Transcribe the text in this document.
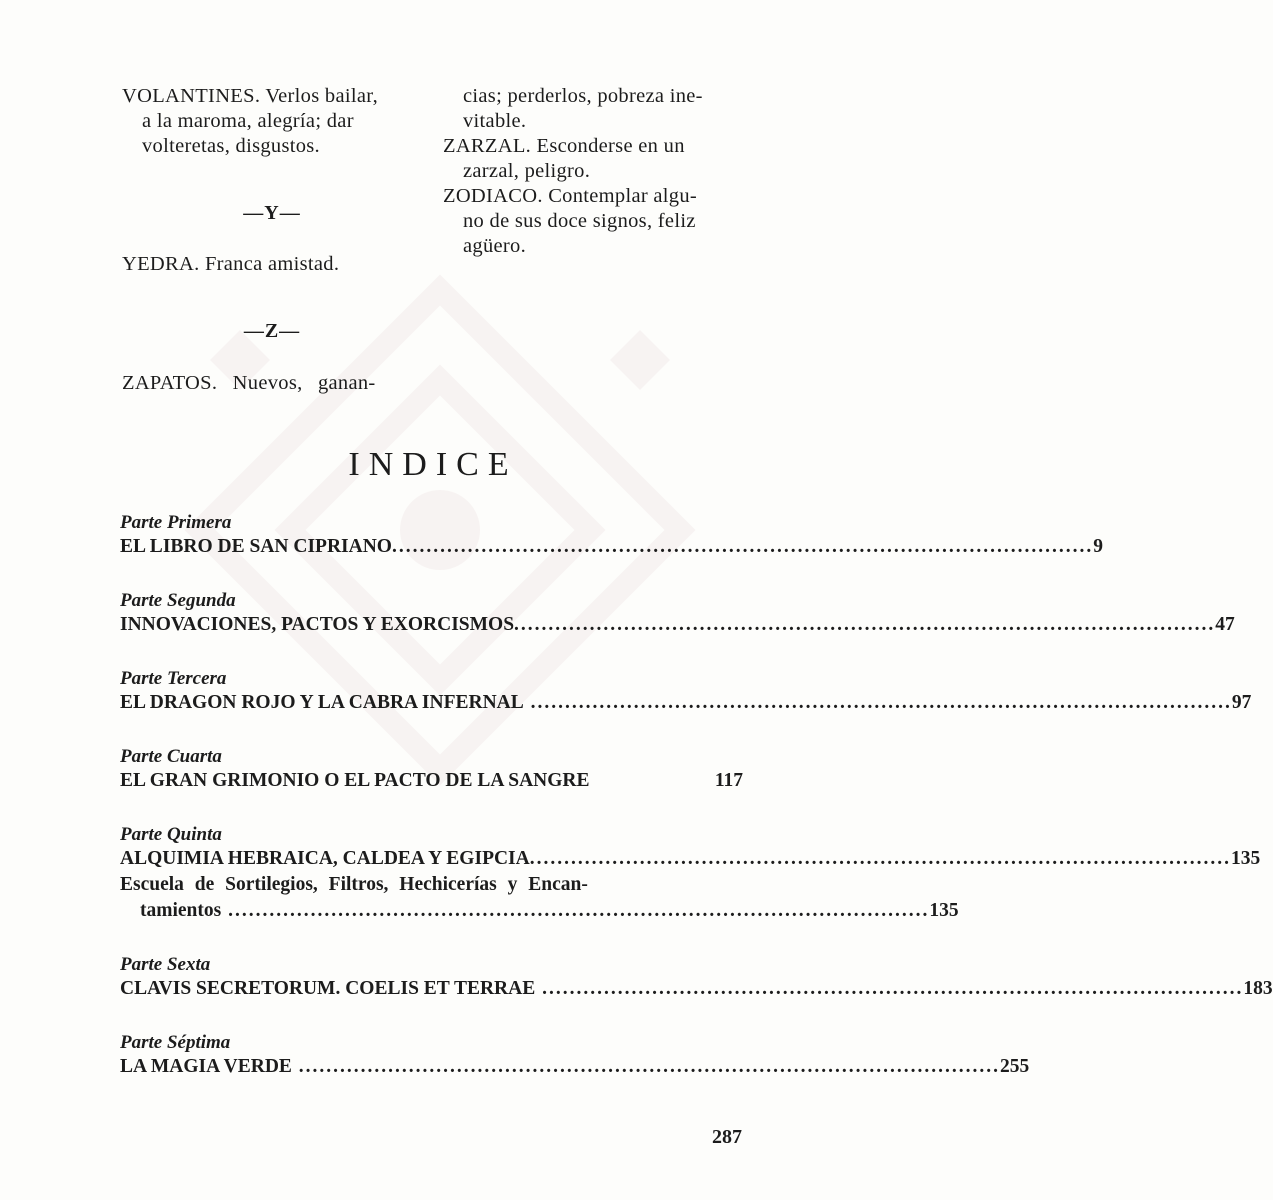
VOLANTINES. Verlos bailar,
a la maroma, alegría; dar
volteretas, disgustos.
—Y—
YEDRA. Franca amistad.
—Z—
ZAPATOS. Nuevos, ganan-
cias; perderlos, pobreza ine-
vitable.
ZARZAL. Esconderse en un
zarzal, peligro.
ZODIACO. Contemplar algu-
no de sus doce signos, feliz
agüero.
INDICE
Parte Primera
EL LIBRO DE SAN CIPRIANO ...................................................................................................... 9
Parte Segunda
INNOVACIONES, PACTOS Y EXORCISMOS ...................................................................................................... 47
Parte Tercera
EL DRAGON ROJO Y LA CABRA INFERNAL ...................................................................................................... 97
Parte Cuarta
EL GRAN GRIMONIO O EL PACTO DE LA SANGRE	117
Parte Quinta
ALQUIMIA HEBRAICA, CALDEA Y EGIPCIA ...................................................................................................... 135
Escuela de Sortilegios, Filtros, Hechicerías y Encan-
tamientos ...................................................................................................... 135
Parte Sexta
CLAVIS SECRETORUM. COELIS ET TERRAE ...................................................................................................... 183
Parte Séptima
LA MAGIA VERDE ...................................................................................................... 255
287
